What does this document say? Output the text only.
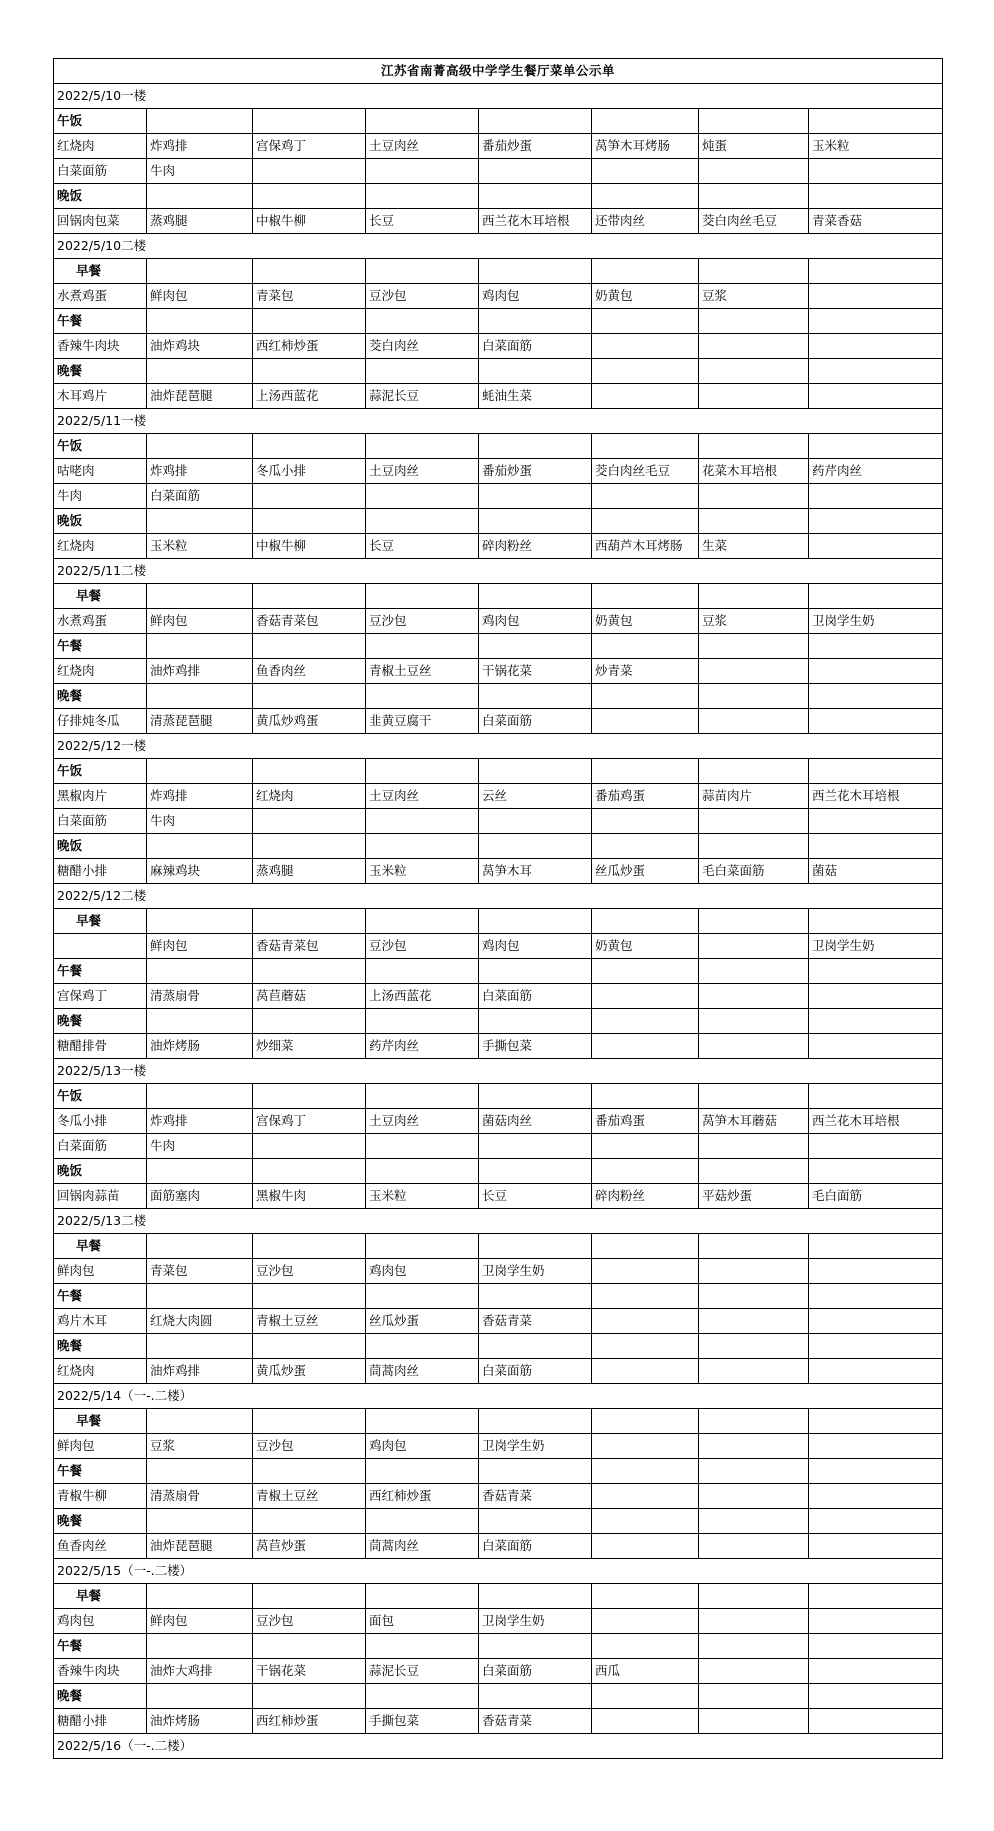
江苏省南菁高级中学学生餐厅菜单公示单							
2022/5/10一楼							
午饭							
红烧肉	炸鸡排	宫保鸡丁	土豆肉丝	番茄炒蛋	莴笋木耳烤肠	炖蛋	玉米粒
白菜面筋	牛肉	

晚饭							
回锅肉包菜	蒸鸡腿	中椒牛柳	长豆	西兰花木耳培根	还带肉丝	茭白肉丝毛豆	青菜香菇
2022/5/10二楼							
早餐							
水煮鸡蛋	鲜肉包	青菜包	豆沙包	鸡肉包	奶黄包	豆浆	

午餐							
香辣牛肉块	油炸鸡块	西红柿炒蛋	茭白肉丝	白菜面筋	

晚餐							
木耳鸡片	油炸琵琶腿	上汤西蓝花	蒜泥长豆	蚝油生菜	

2022/5/11一楼							
午饭							
咕咾肉	炸鸡排	冬瓜小排	土豆肉丝	番茄炒蛋	茭白肉丝毛豆	花菜木耳培根	药芹肉丝
牛肉	白菜面筋	

晚饭							
红烧肉	玉米粒	中椒牛柳	长豆	碎肉粉丝	西葫芦木耳烤肠	生菜	

2022/5/11二楼							
早餐							
水煮鸡蛋	鲜肉包	香菇青菜包	豆沙包	鸡肉包	奶黄包	豆浆	卫岗学生奶
午餐							
红烧肉	油炸鸡排	鱼香肉丝	青椒土豆丝	干锅花菜	炒青菜	

晚餐							
仔排炖冬瓜	清蒸琵琶腿	黄瓜炒鸡蛋	韭黄豆腐干	白菜面筋	

2022/5/12一楼							
午饭							
黑椒肉片	炸鸡排	红烧肉	土豆肉丝	云丝	番茄鸡蛋	蒜苗肉片	西兰花木耳培根
白菜面筋	牛肉	

晚饭							
糖醋小排	麻辣鸡块	蒸鸡腿	玉米粒	莴笋木耳	丝瓜炒蛋	毛白菜面筋	菌菇
2022/5/12二楼							
早餐							

	鲜肉包	香菇青菜包	豆沙包	鸡肉包	奶黄包		卫岗学生奶
午餐							
宫保鸡丁	清蒸扇骨	莴苣蘑菇	上汤西蓝花	白菜面筋	

晚餐							
糖醋排骨	油炸烤肠	炒细菜	药芹肉丝	手撕包菜	

2022/5/13一楼							
午饭							
冬瓜小排	炸鸡排	宫保鸡丁	土豆肉丝	菌菇肉丝	番茄鸡蛋	莴笋木耳蘑菇	西兰花木耳培根
白菜面筋	牛肉	

晚饭							
回锅肉蒜苗	面筋塞肉	黑椒牛肉	玉米粒	长豆	碎肉粉丝	平菇炒蛋	毛白面筋
2022/5/13二楼							
早餐							
鲜肉包	青菜包	豆沙包	鸡肉包	卫岗学生奶	

午餐							
鸡片木耳	红烧大肉圆	青椒土豆丝	丝瓜炒蛋	香菇青菜	

晚餐							
红烧肉	油炸鸡排	黄瓜炒蛋	茼蒿肉丝	白菜面筋	

2022/5/14（一-.二楼）							
早餐							
鲜肉包	豆浆	豆沙包	鸡肉包	卫岗学生奶	

午餐							
青椒牛柳	清蒸扇骨	青椒土豆丝	西红柿炒蛋	香菇青菜	

晚餐							
鱼香肉丝	油炸琵琶腿	莴苣炒蛋	茼蒿肉丝	白菜面筋	

2022/5/15（一-.二楼）							
早餐							
鸡肉包	鲜肉包	豆沙包	面包	卫岗学生奶	

午餐							
香辣牛肉块	油炸大鸡排	干锅花菜	蒜泥长豆	白菜面筋	西瓜	

晚餐							
糖醋小排	油炸烤肠	西红柿炒蛋	手撕包菜	香菇青菜	

2022/5/16（一-.二楼）							
